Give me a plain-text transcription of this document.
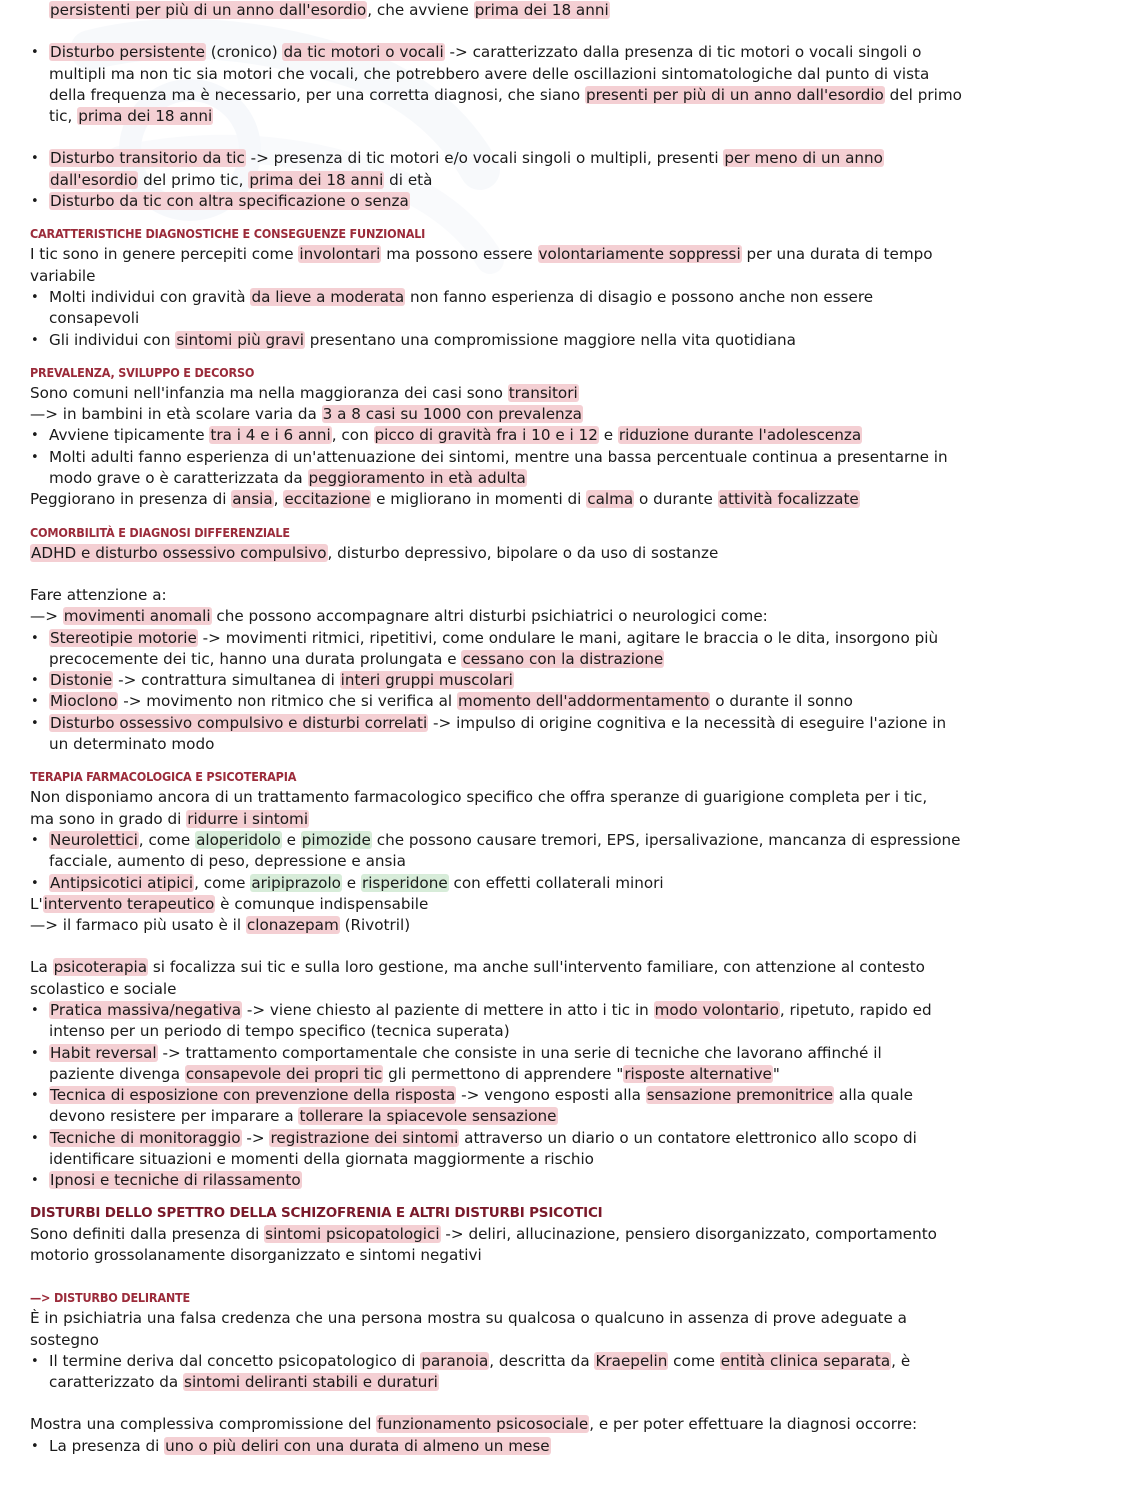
persistenti per più di un anno dall'esordio, che avviene prima dei 18 anni
• Disturbo persistente (cronico) da tic motori o vocali -> caratterizzato dalla presenza di tic motori o vocali singoli o
multipli ma non tic sia motori che vocali, che potrebbero avere delle oscillazioni sintomatologiche dal punto di vista
della frequenza ma è necessario, per una corretta diagnosi, che siano presenti per più di un anno dall'esordio del primo
tic, prima dei 18 anni
• Disturbo transitorio da tic -> presenza di tic motori e/o vocali singoli o multipli, presenti per meno di un anno
dall'esordio del primo tic, prima dei 18 anni di età
• Disturbo da tic con altra specificazione o senza
CARATTERISTICHE DIAGNOSTICHE E CONSEGUENZE FUNZIONALI
I tic sono in genere percepiti come involontari ma possono essere volontariamente soppressi per una durata di tempo
variabile
• Molti individui con gravità da lieve a moderata non fanno esperienza di disagio e possono anche non essere
consapevoli
• Gli individui con sintomi più gravi presentano una compromissione maggiore nella vita quotidiana
PREVALENZA, SVILUPPO E DECORSO
Sono comuni nell'infanzia ma nella maggioranza dei casi sono transitori
—> in bambini in età scolare varia da 3 a 8 casi su 1000 con prevalenza
• Avviene tipicamente tra i 4 e i 6 anni, con picco di gravità fra i 10 e i 12 e riduzione durante l'adolescenza
• Molti adulti fanno esperienza di un'attenuazione dei sintomi, mentre una bassa percentuale continua a presentarne in
modo grave o è caratterizzata da peggioramento in età adulta
Peggiorano in presenza di ansia, eccitazione e migliorano in momenti di calma o durante attività focalizzate
COMORBILITÀ E DIAGNOSI DIFFERENZIALE
ADHD e disturbo ossessivo compulsivo, disturbo depressivo, bipolare o da uso di sostanze
Fare attenzione a:
—> movimenti anomali che possono accompagnare altri disturbi psichiatrici o neurologici come:
• Stereotipie motorie -> movimenti ritmici, ripetitivi, come ondulare le mani, agitare le braccia o le dita, insorgono più
precocemente dei tic, hanno una durata prolungata e cessano con la distrazione
• Distonie -> contrattura simultanea di interi gruppi muscolari
• Mioclono -> movimento non ritmico che si verifica al momento dell'addormentamento o durante il sonno
• Disturbo ossessivo compulsivo e disturbi correlati -> impulso di origine cognitiva e la necessità di eseguire l'azione in
un determinato modo
TERAPIA FARMACOLOGICA E PSICOTERAPIA
Non disponiamo ancora di un trattamento farmacologico specifico che offra speranze di guarigione completa per i tic,
ma sono in grado di ridurre i sintomi
• Neurolettici, come aloperidolo e pimozide che possono causare tremori, EPS, ipersalivazione, mancanza di espressione
facciale, aumento di peso, depressione e ansia
• Antipsicotici atipici, come aripiprazolo e risperidone con effetti collaterali minori
L'intervento terapeutico è comunque indispensabile
—> il farmaco più usato è il clonazepam (Rivotril)
La psicoterapia si focalizza sui tic e sulla loro gestione, ma anche sull'intervento familiare, con attenzione al contesto
scolastico e sociale
• Pratica massiva/negativa -> viene chiesto al paziente di mettere in atto i tic in modo volontario, ripetuto, rapido ed
intenso per un periodo di tempo specifico (tecnica superata)
• Habit reversal -> trattamento comportamentale che consiste in una serie di tecniche che lavorano affinché il
paziente divenga consapevole dei propri tic gli permettono di apprendere "risposte alternative"
• Tecnica di esposizione con prevenzione della risposta -> vengono esposti alla sensazione premonitrice alla quale
devono resistere per imparare a tollerare la spiacevole sensazione
• Tecniche di monitoraggio -> registrazione dei sintomi attraverso un diario o un contatore elettronico allo scopo di
identificare situazioni e momenti della giornata maggiormente a rischio
• Ipnosi e tecniche di rilassamento
DISTURBI DELLO SPETTRO DELLA SCHIZOFRENIA E ALTRI DISTURBI PSICOTICI
Sono definiti dalla presenza di sintomi psicopatologici -> deliri, allucinazione, pensiero disorganizzato, comportamento
motorio grossolanamente disorganizzato e sintomi negativi
—> DISTURBO DELIRANTE
È in psichiatria una falsa credenza che una persona mostra su qualcosa o qualcuno in assenza di prove adeguate a
sostegno
• Il termine deriva dal concetto psicopatologico di paranoia, descritta da Kraepelin come entità clinica separata, è
caratterizzato da sintomi deliranti stabili e duraturi
Mostra una complessiva compromissione del funzionamento psicosociale, e per poter effettuare la diagnosi occorre:
• La presenza di uno o più deliri con una durata di almeno un mese
